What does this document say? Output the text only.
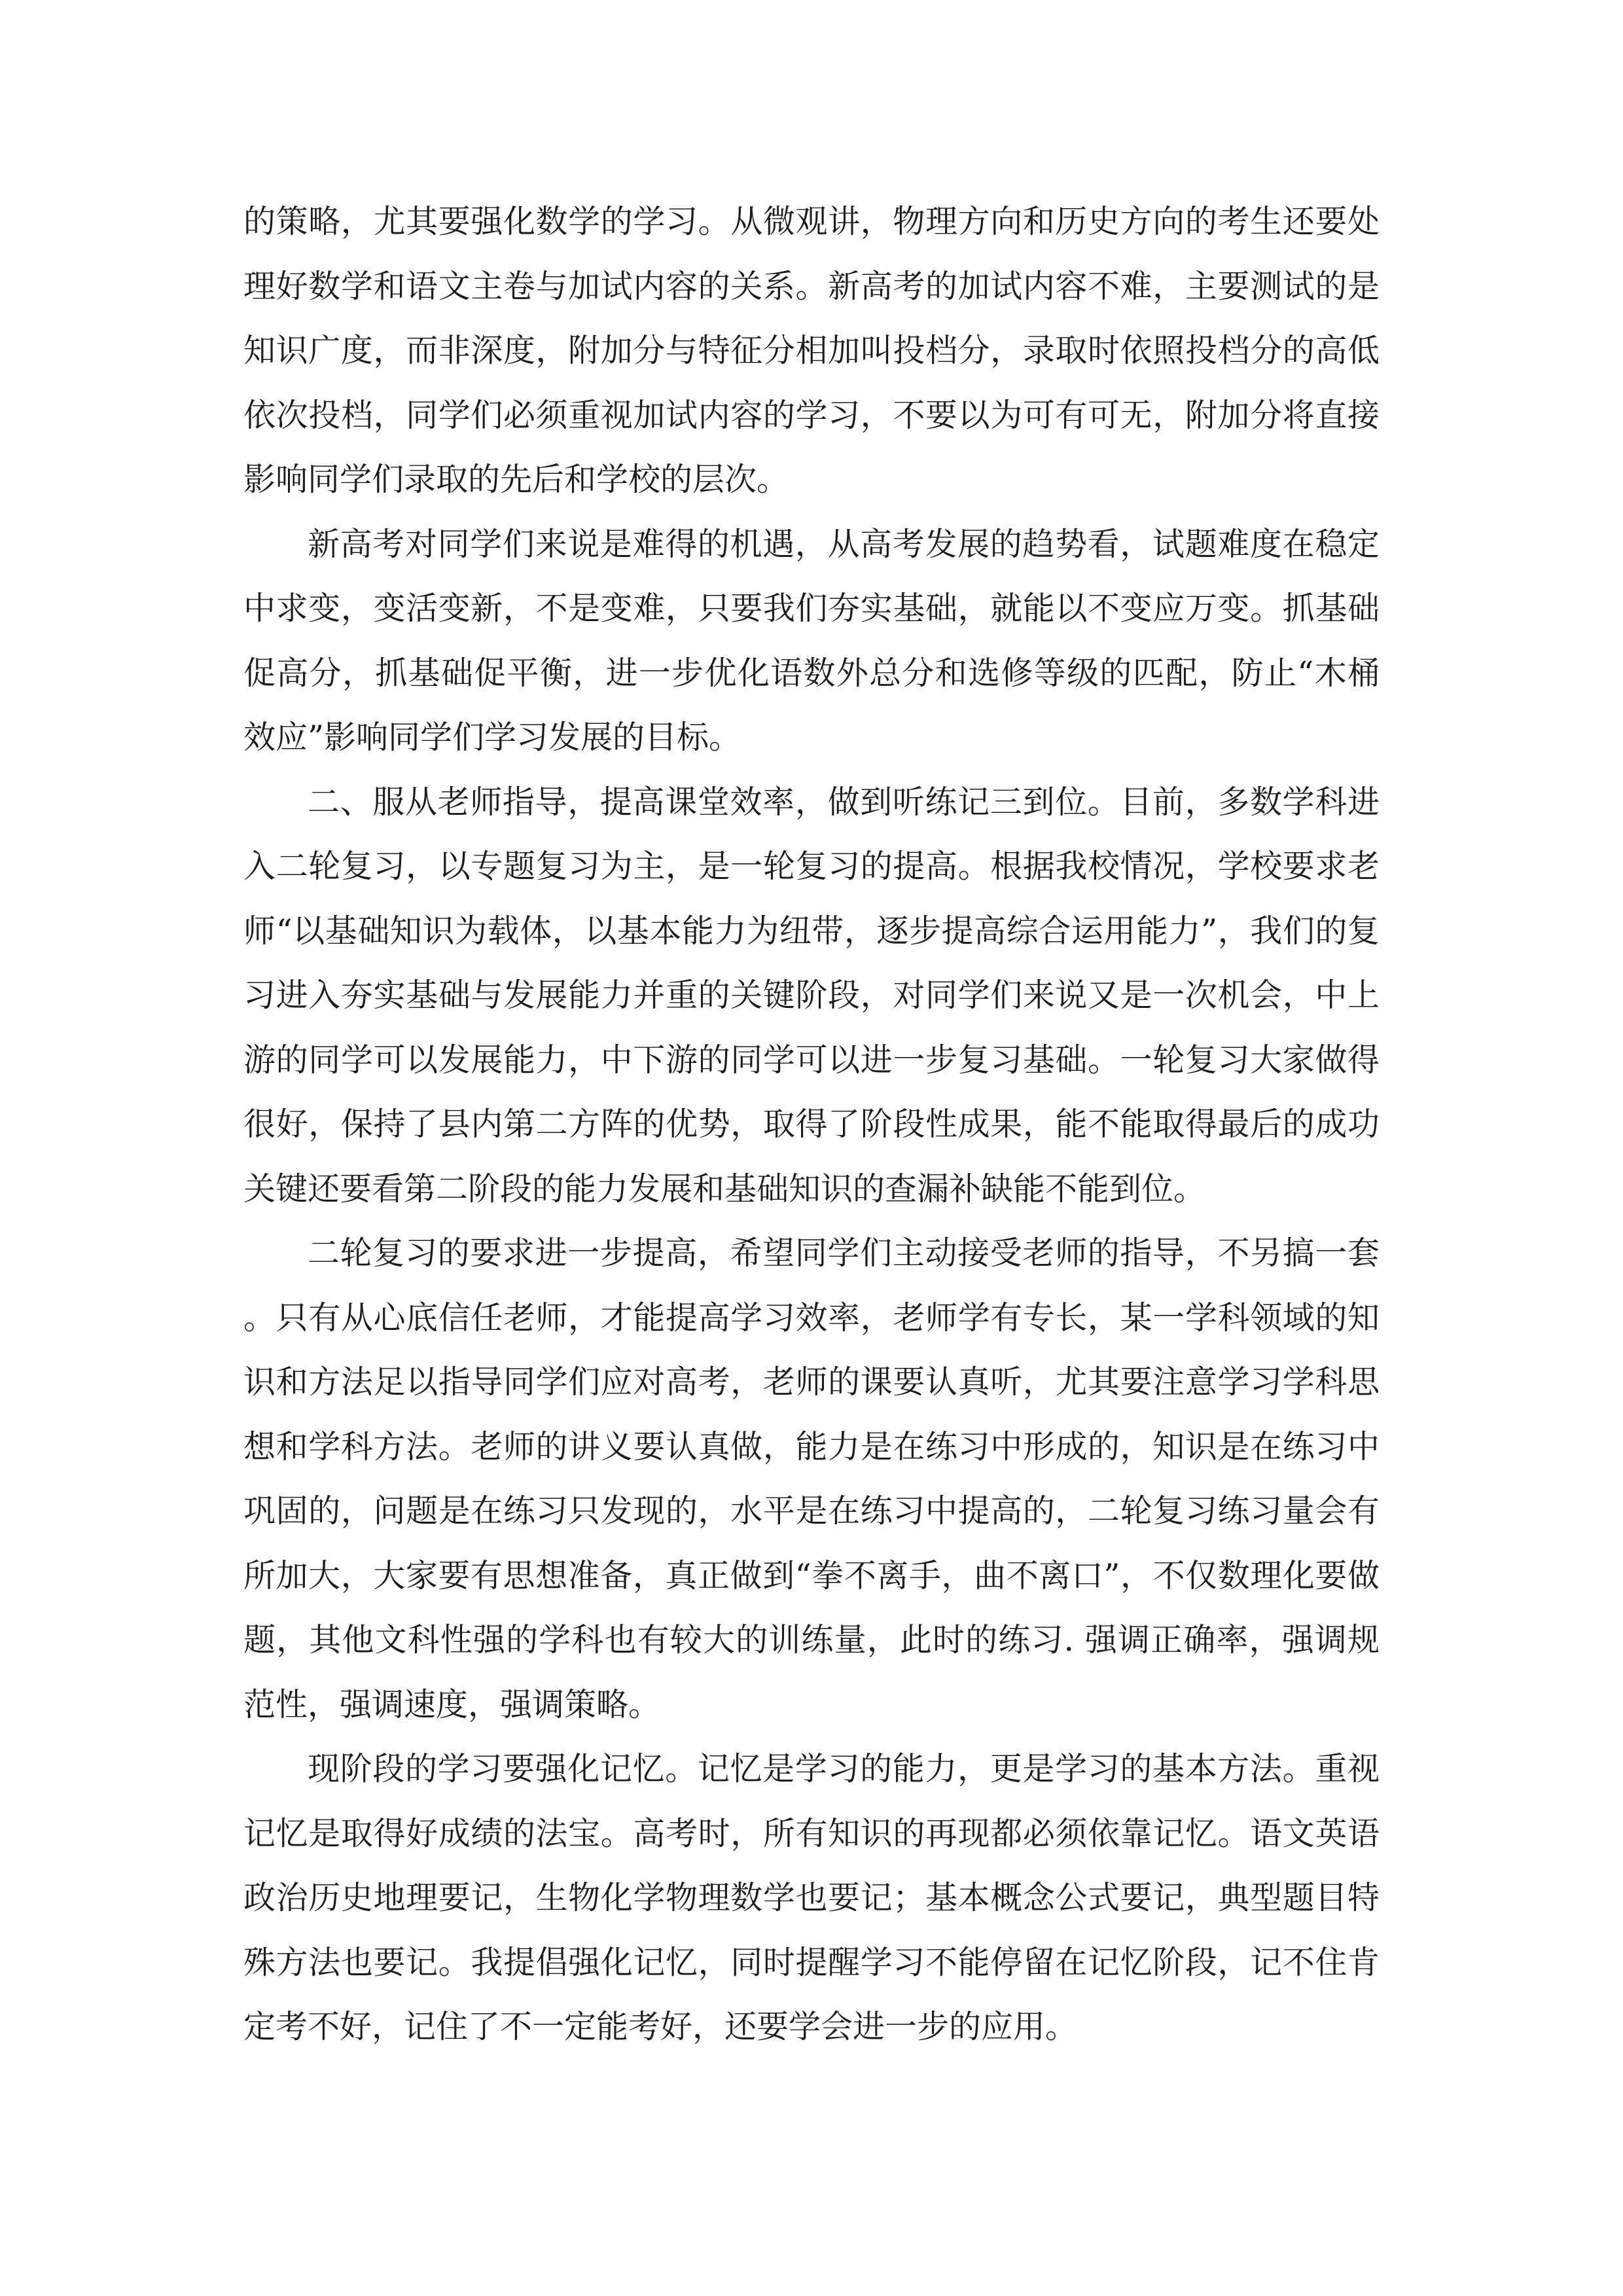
的策略，尤其要强化数学的学习。从微观讲，物理方向和历史方向的考生还要处理好数学和语文主卷与加试内容的关系。新高考的加试内容不难，主要测试的是知识广度，而非深度，附加分与特征分相加叫投档分，录取时依照投档分的高低依次投档，同学们必须重视加试内容的学习，不要以为可有可无，附加分将直接影响同学们录取的先后和学校的层次。

新高考对同学们来说是难得的机遇，从高考发展的趋势看，试题难度在稳定中求变，变活变新，不是变难，只要我们夯实基础，就能以不变应万变。抓基础促高分，抓基础促平衡，进一步优化语数外总分和选修等级的匹配，防止“木桶效应”影响同学们学习发展的目标。

二、服从老师指导，提高课堂效率，做到听练记三到位。目前，多数学科进入二轮复习，以专题复习为主，是一轮复习的提高。根据我校情况，学校要求老师“以基础知识为载体，以基本能力为纽带，逐步提高综合运用能力”，我们的复习进入夯实基础与发展能力并重的关键阶段，对同学们来说又是一次机会，中上游的同学可以发展能力，中下游的同学可以进一步复习基础。一轮复习大家做得很好，保持了县内第二方阵的优势，取得了阶段性成果，能不能取得最后的成功关键还要看第二阶段的能力发展和基础知识的查漏补缺能不能到位。

二轮复习的要求进一步提高，希望同学们主动接受老师的指导，不另搞一套。只有从心底信任老师，才能提高学习效率，老师学有专长，某一学科领域的知识和方法足以指导同学们应对高考，老师的课要认真听，尤其要注意学习学科思想和学科方法。老师的讲义要认真做，能力是在练习中形成的，知识是在练习中巩固的，问题是在练习只发现的，水平是在练习中提高的，二轮复习练习量会有所加大，大家要有思想准备，真正做到“拳不离手，曲不离口”，不仅数理化要做题，其他文科性强的学科也有较大的训练量，此时的练习. 强调正确率，强调规范性，强调速度，强调策略。

现阶段的学习要强化记忆。记忆是学习的能力，更是学习的基本方法。重视记忆是取得好成绩的法宝。高考时，所有知识的再现都必须依靠记忆。语文英语政治历史地理要记，生物化学物理数学也要记；基本概念公式要记，典型题目特殊方法也要记。我提倡强化记忆，同时提醒学习不能停留在记忆阶段，记不住肯定考不好，记住了不一定能考好，还要学会进一步的应用。
